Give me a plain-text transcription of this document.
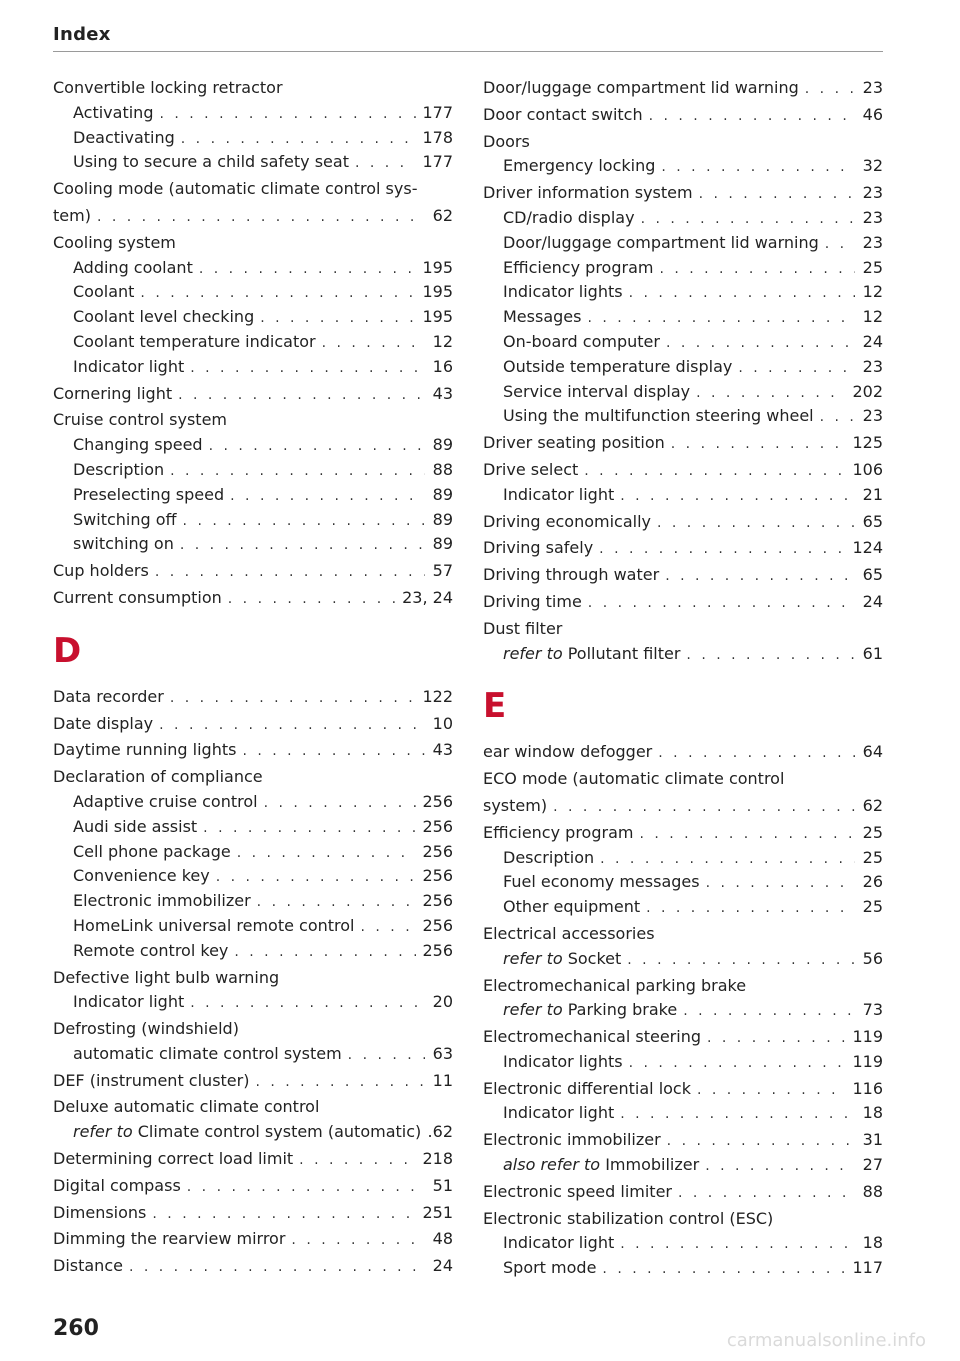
Index
Convertible locking retractor
Activating . . .	177
Deactivating . . .	178
Using to secure a child safety seat . . .	177
Cooling mode (automatic climate control sys-
tem) . . .	62
Cooling system
Adding coolant . . .	195
Coolant . . .	195
Coolant level checking . . .	195
Coolant temperature indicator . . .	12
Indicator light . . .	16
Cornering light . . .	43
Cruise control system
Changing speed . . .	89
Description . . .	88
Preselecting speed . . .	89
Switching off . . .	89
switching on . . .	89
Cup holders . . .	57
Current consumption . . .	23, 24
D
Data recorder . . .	122
Date display . . .	10
Daytime running lights . . .	43
Declaration of compliance
Adaptive cruise control . . .	256
Audi side assist . . .	256
Cell phone package . . .	256
Convenience key . . .	256
Electronic immobilizer . . .	256
HomeLink universal remote control . . .	256
Remote control key . . .	256
Defective light bulb warning
Indicator light . . .	20
Defrosting (windshield)
automatic climate control system . . .	63
DEF (instrument cluster) . . .	11
Deluxe automatic climate control
refer to Climate control system (automatic) .62
Determining correct load limit . . .	218
Digital compass . . .	51
Dimensions . . .	251
Dimming the rearview mirror . . .	48
Distance . . .	24
Door/luggage compartment lid warning . . .	23
Door contact switch . . .	46
Doors
Emergency locking . . .	32
Driver information system . . .	23
CD/radio display . . .	23
Door/luggage compartment lid warning . . .	23
Efficiency program . . .	25
Indicator lights . . .	12
Messages . . .	12
On-board computer . . .	24
Outside temperature display . . .	23
Service interval display . . .	202
Using the multifunction steering wheel . . .	23
Driver seating position . . .	125
Drive select . . .	106
Indicator light . . .	21
Driving economically . . .	65
Driving safely . . .	124
Driving through water . . .	65
Driving time . . .	24
Dust filter
refer to Pollutant filter . . .	61
E
ear window defogger . . .	64
ECO mode (automatic climate control
system) . . .	62
Efficiency program . . .	25
Description . . .	25
Fuel economy messages . . .	26
Other equipment . . .	25
Electrical accessories
refer to Socket . . .	56
Electromechanical parking brake
refer to Parking brake . . .	73
Electromechanical steering . . .	119
Indicator lights . . .	119
Electronic differential lock . . .	116
Indicator light . . .	18
Electronic immobilizer . . .	31
also refer to Immobilizer . . .	27
Electronic speed limiter . . .	88
Electronic stabilization control (ESC)
Indicator light . . .	18
Sport mode . . .	117
260	carmanualsonline.info
